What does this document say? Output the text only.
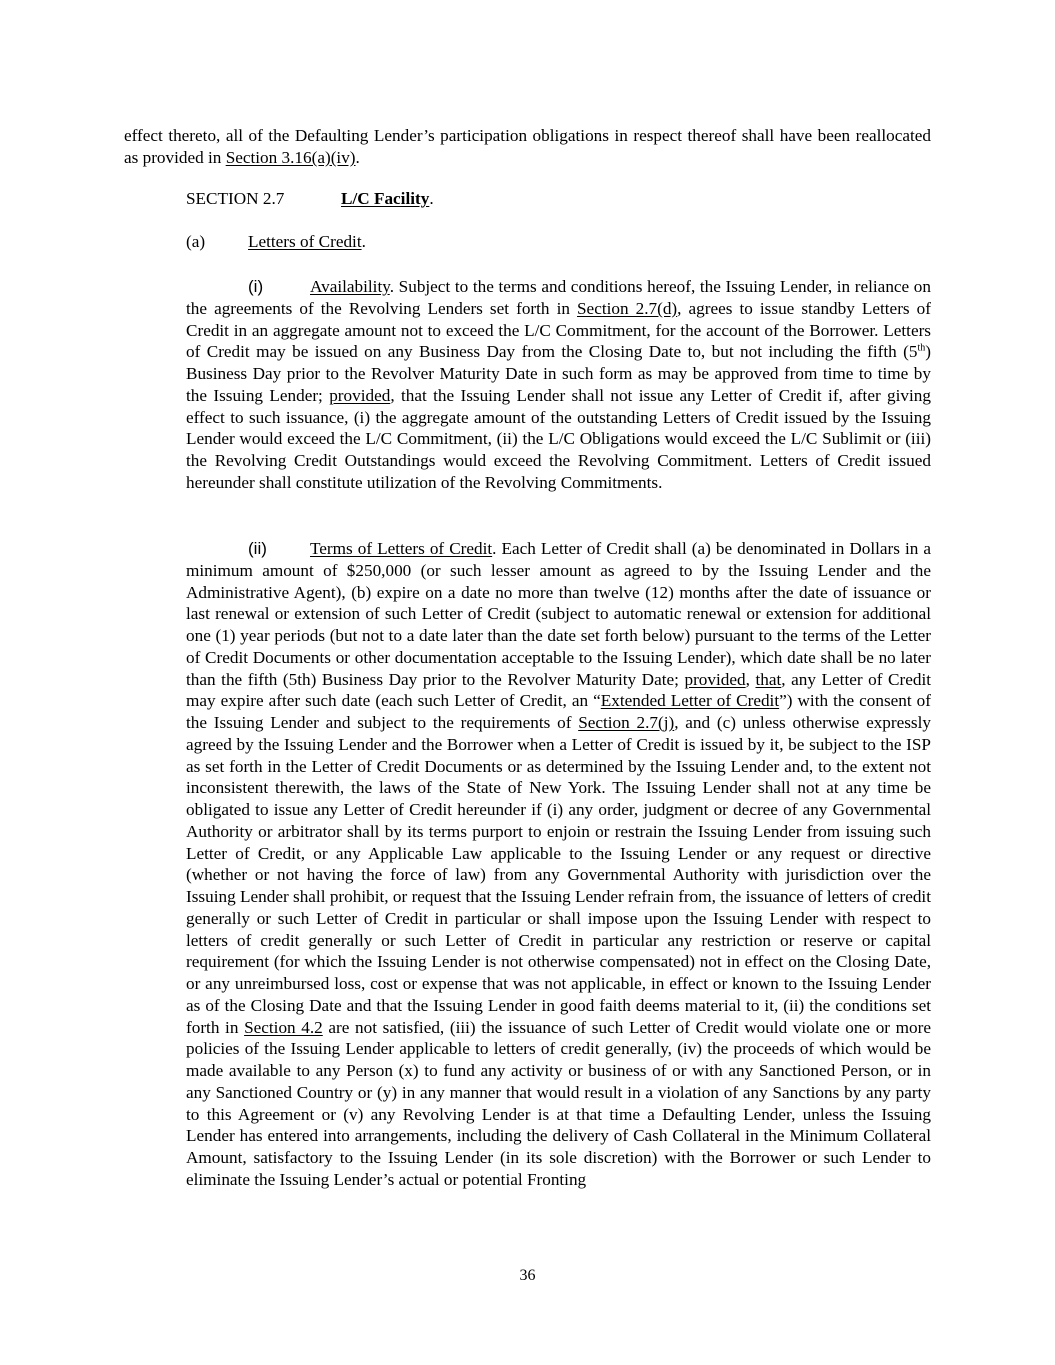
effect thereto, all of the Defaulting Lender’s participation obligations in respect thereof shall have been reallocated as provided in Section 3.16(a)(iv).

SECTION 2.7	L/C Facility.
(a) Letters of Credit.

(i)	Availability. Subject to the terms and conditions hereof, the Issuing Lender, in reliance on the agreements of the Revolving Lenders set forth in Section 2.7(d), agrees to issue standby Letters of Credit in an aggregate amount not to exceed the L/C Commitment, for the account of the Borrower. Letters of Credit may be issued on any Business Day from the Closing Date to, but not including the fifth (5th) Business Day prior to the Revolver Maturity Date in such form as may be approved from time to time by the Issuing Lender; provided, that the Issuing Lender shall not issue any Letter of Credit if, after giving effect to such issuance, (i) the aggregate amount of the outstanding Letters of Credit issued by the Issuing Lender would exceed the L/C Commitment, (ii) the L/C Obligations would exceed the L/C Sublimit or (iii) the Revolving Credit Outstandings would exceed the Revolving Commitment. Letters of Credit issued hereunder shall constitute utilization of the Revolving Commitments.

(ii)	Terms of Letters of Credit. Each Letter of Credit shall (a) be denominated in Dollars in a minimum amount of $250,000 (or such lesser amount as agreed to by the Issuing Lender and the Administrative Agent), (b) expire on a date no more than twelve (12) months after the date of issuance or last renewal or extension of such Letter of Credit (subject to automatic renewal or extension for additional one (1) year periods (but not to a date later than the date set forth below) pursuant to the terms of the Letter of Credit Documents or other documentation acceptable to the Issuing Lender), which date shall be no later than the fifth (5th) Business Day prior to the Revolver Maturity Date; provided, that, any Letter of Credit may expire after such date (each such Letter of Credit, an “Extended Letter of Credit”) with the consent of the Issuing Lender and subject to the requirements of Section 2.7(j), and (c) unless otherwise expressly agreed by the Issuing Lender and the Borrower when a Letter of Credit is issued by it, be subject to the ISP as set forth in the Letter of Credit Documents or as determined by the Issuing Lender and, to the extent not inconsistent therewith, the laws of the State of New York. The Issuing Lender shall not at any time be obligated to issue any Letter of Credit hereunder if (i) any order, judgment or decree of any Governmental Authority or arbitrator shall by its terms purport to enjoin or restrain the Issuing Lender from issuing such Letter of Credit, or any Applicable Law applicable to the Issuing Lender or any request or directive (whether or not having the force of law) from any Governmental Authority with jurisdiction over the Issuing Lender shall prohibit, or request that the Issuing Lender refrain from, the issuance of letters of credit generally or such Letter of Credit in particular or shall impose upon the Issuing Lender with respect to letters of credit generally or such Letter of Credit in particular any restriction or reserve or capital requirement (for which the Issuing Lender is not otherwise compensated) not in effect on the Closing Date, or any unreimbursed loss, cost or expense that was not applicable, in effect or known to the Issuing Lender as of the Closing Date and that the Issuing Lender in good faith deems material to it, (ii) the conditions set forth in Section 4.2 are not satisfied, (iii) the issuance of such Letter of Credit would violate one or more policies of the Issuing Lender applicable to letters of credit generally, (iv) the proceeds of which would be made available to any Person (x) to fund any activity or business of or with any Sanctioned Person, or in any Sanctioned Country or (y) in any manner that would result in a violation of any Sanctions by any party to this Agreement or (v) any Revolving Lender is at that time a Defaulting Lender, unless the Issuing Lender has entered into arrangements, including the delivery of Cash Collateral in the Minimum Collateral Amount, satisfactory to the Issuing Lender (in its sole discretion) with the Borrower or such Lender to eliminate the Issuing Lender’s actual or potential Fronting

36
